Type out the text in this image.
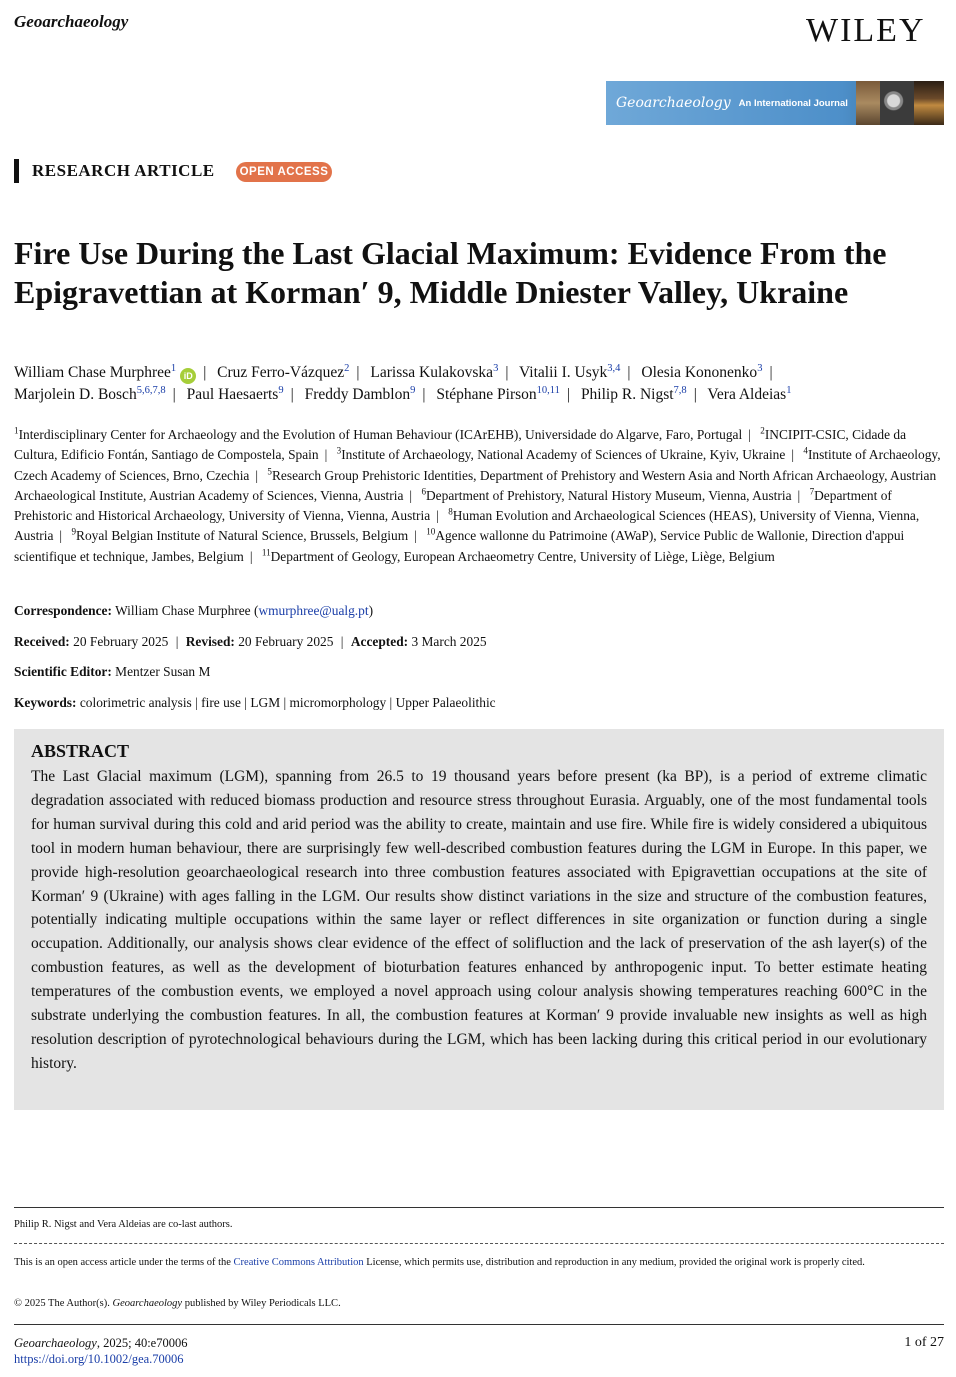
Geoarchaeology	WILEY
Geoarchaeology An International Journal
RESEARCH ARTICLE	OPEN ACCESS
Fire Use During the Last Glacial Maximum: Evidence From the Epigravettian at Korman′ 9, Middle Dniester Valley, Ukraine
William Chase Murphree$^1$iD | Cruz Ferro-Vázquez$^2$ | Larissa Kulakovska$^3$ | Vitalii I. Usyk$^{3,4}$ | Olesia Kononenko$^3$ |
Marjolein D. Bosch$^{5,6,7,8}$ | Paul Haesaerts$^9$ | Freddy Damblon$^9$ | Stéphane Pirson$^{10,11}$ | Philip R. Nigst$^{7,8}$ | Vera Aldeias$^1$
$^1$Interdisciplinary Center for Archaeology and the Evolution of Human Behaviour (ICArEHB), Universidade do Algarve, Faro, Portugal | $^2$INCIPIT-CSIC, Cidade da Cultura, Edificio Fontán, Santiago de Compostela, Spain | $^3$Institute of Archaeology, National Academy of Sciences of Ukraine, Kyiv, Ukraine | $^4$Institute of Archaeology, Czech Academy of Sciences, Brno, Czechia | $^5$Research Group Prehistoric Identities, Department of Prehistory and Western Asia and North African Archaeology, Austrian Archaeological Institute, Austrian Academy of Sciences, Vienna, Austria | $^6$Department of Prehistory, Natural History Museum, Vienna, Austria | $^7$Department of Prehistoric and Historical Archaeology, University of Vienna, Vienna, Austria | $^8$Human Evolution and Archaeological Sciences (HEAS), University of Vienna, Vienna, Austria | $^9$Royal Belgian Institute of Natural Science, Brussels, Belgium | $^{10}$Agence wallonne du Patrimoine (AWaP), Service Public de Wallonie, Direction d'appui scientifique et technique, Jambes, Belgium | $^{11}$Department of Geology, European Archaeometry Centre, University of Liège, Liège, Belgium
Correspondence: William Chase Murphree (wmurphree@ualg.pt)
Received: 20 February 2025 | Revised: 20 February 2025 | Accepted: 3 March 2025
Scientific Editor: Mentzer Susan M
Keywords: colorimetric analysis | fire use | LGM | micromorphology | Upper Palaeolithic
ABSTRACT

The Last Glacial maximum (LGM), spanning from 26.5 to 19 thousand years before present (ka BP), is a period of extreme climatic degradation associated with reduced biomass production and resource stress throughout Eurasia. Arguably, one of the most fundamental tools for human survival during this cold and arid period was the ability to create, maintain and use fire. While fire is widely considered a ubiquitous tool in modern human behaviour, there are surprisingly few well-described combustion features during the LGM in Europe. In this paper, we provide high-resolution geoarchaeological research into three combustion features associated with Epigravettian occupations at the site of Korman′ 9 (Ukraine) with ages falling in the LGM. Our results show distinct variations in the size and structure of the combustion features, potentially indicating multiple occupations within the same layer or reflect differences in site organization or function during a single occupation. Additionally, our analysis shows clear evidence of the effect of solifluction and the lack of preservation of the ash layer(s) of the combustion features, as well as the development of bioturbation features enhanced by anthropogenic input. To better estimate heating temperatures of the combustion events, we employed a novel approach using colour analysis showing temperatures reaching 600°C in the substrate underlying the combustion features. In all, the combustion features at Korman′ 9 provide invaluable new insights as well as high resolution description of pyrotechnological behaviours during the LGM, which has been lacking during this critical period in our evolutionary history.

Philip R. Nigst and Vera Aldeias are co-last authors.
This is an open access article under the terms of the Creative Commons Attribution License, which permits use, distribution and reproduction in any medium, provided the original work is properly cited.
© 2025 The Author(s). Geoarchaeology published by Wiley Periodicals LLC.
Geoarchaeology, 2025; 40:e70006
https://doi.org/10.1002/gea.70006
1 of 27
